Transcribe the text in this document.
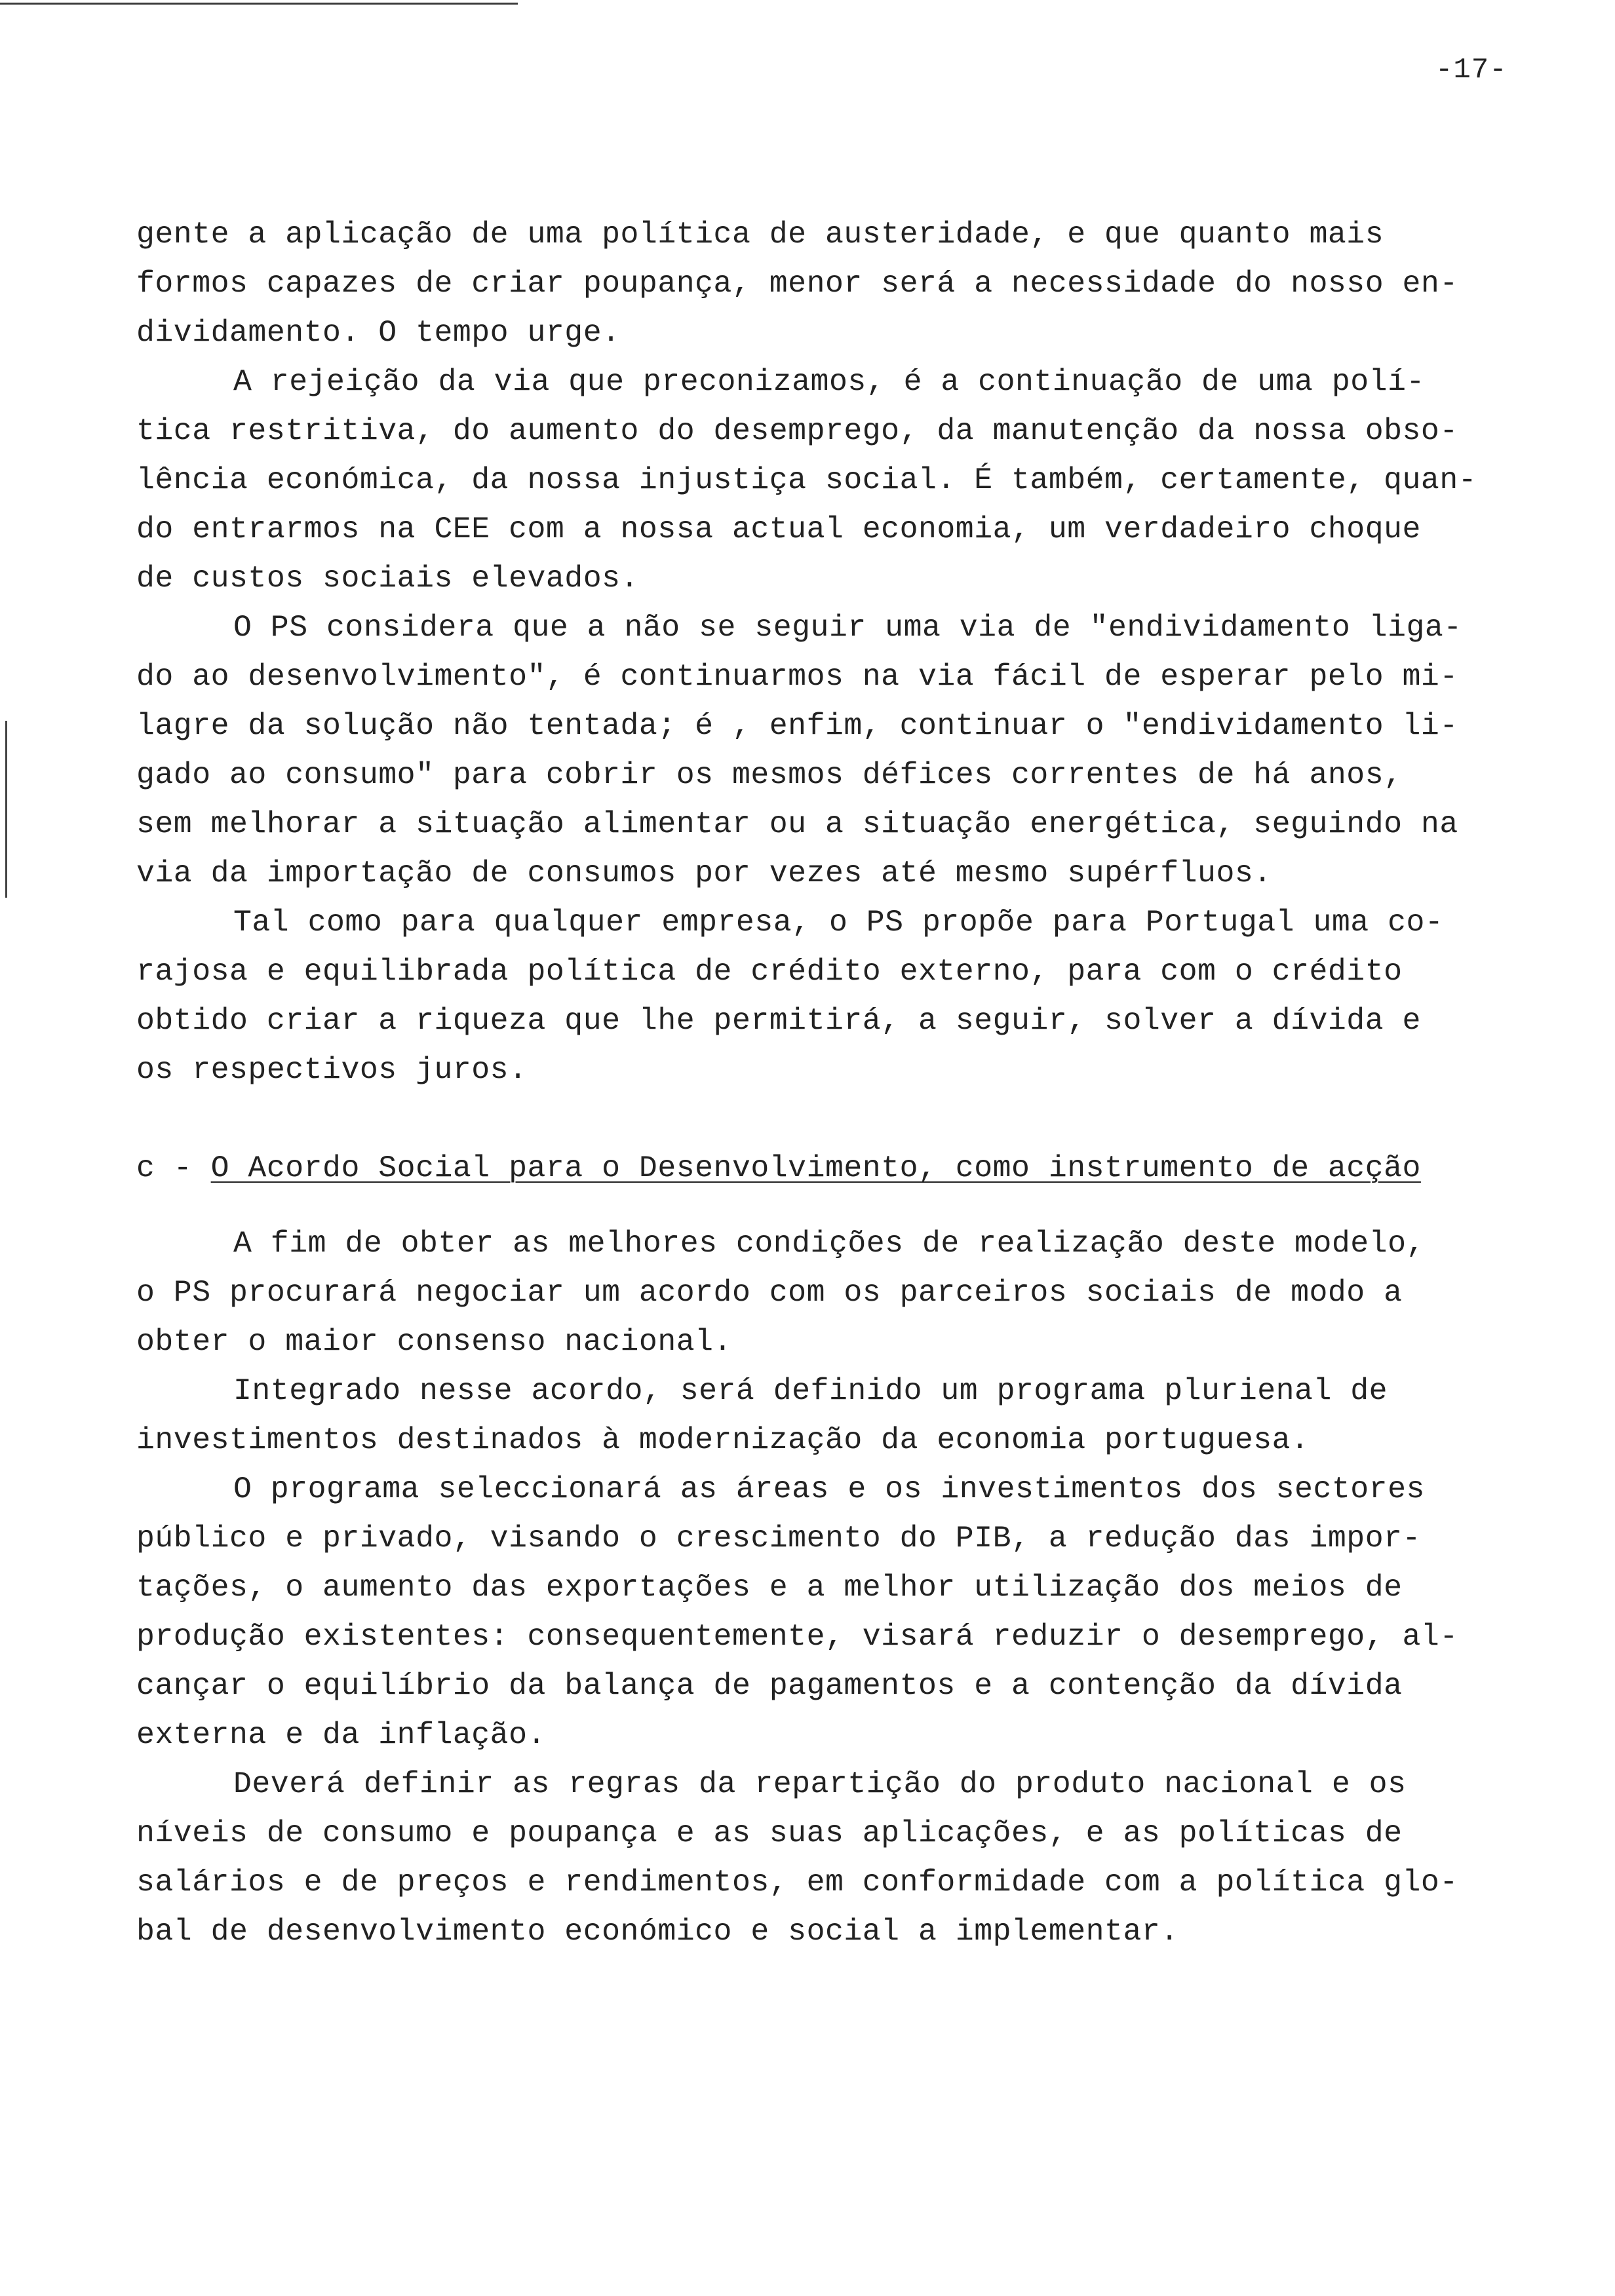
-17-
gente a aplicação de uma política de austeridade, e que quanto mais
formos capazes de criar poupança, menor será a necessidade do nosso en-
dividamento. O tempo urge.
A rejeição da via que preconizamos, é a continuação de uma polí-
tica restritiva, do aumento do desemprego, da manutenção da nossa obso-
lência económica, da nossa injustiça social. É também, certamente, quan-
do entrarmos na CEE com a nossa actual economia, um verdadeiro choque
de custos sociais elevados.
O PS considera que a não se seguir uma via de "endividamento liga-
do ao desenvolvimento", é continuarmos na via fácil de esperar pelo mi-
lagre da solução não tentada; é , enfim, continuar o "endividamento li-
gado ao consumo" para cobrir os mesmos défices correntes de há anos,
sem melhorar a situação alimentar ou a situação energética, seguindo na
via da importação de consumos por vezes até mesmo supérfluos.
Tal como para qualquer empresa, o PS propõe para Portugal uma co-
rajosa e equilibrada política de crédito externo, para com o crédito
obtido criar a riqueza que lhe permitirá, a seguir, solver a dívida e
os respectivos juros.
c - O Acordo Social para o Desenvolvimento, como instrumento de acção
A fim de obter as melhores condições de realização deste modelo,
o PS procurará negociar um acordo com os parceiros sociais de modo a
obter o maior consenso nacional.
Integrado nesse acordo, será definido um programa plurienal de
investimentos destinados à modernização da economia portuguesa.
O programa seleccionará as áreas e os investimentos dos sectores
público e privado, visando o crescimento do PIB, a redução das impor-
tações, o aumento das exportações e a melhor utilização dos meios de
produção existentes: consequentemente, visará reduzir o desemprego, al-
cançar o equilíbrio da balança de pagamentos e a contenção da dívida
externa e da inflação.
Deverá definir as regras da repartição do produto nacional e os
níveis de consumo e poupança e as suas aplicações, e as políticas de
salários e de preços e rendimentos, em conformidade com a política glo-
bal de desenvolvimento económico e social a implementar.
